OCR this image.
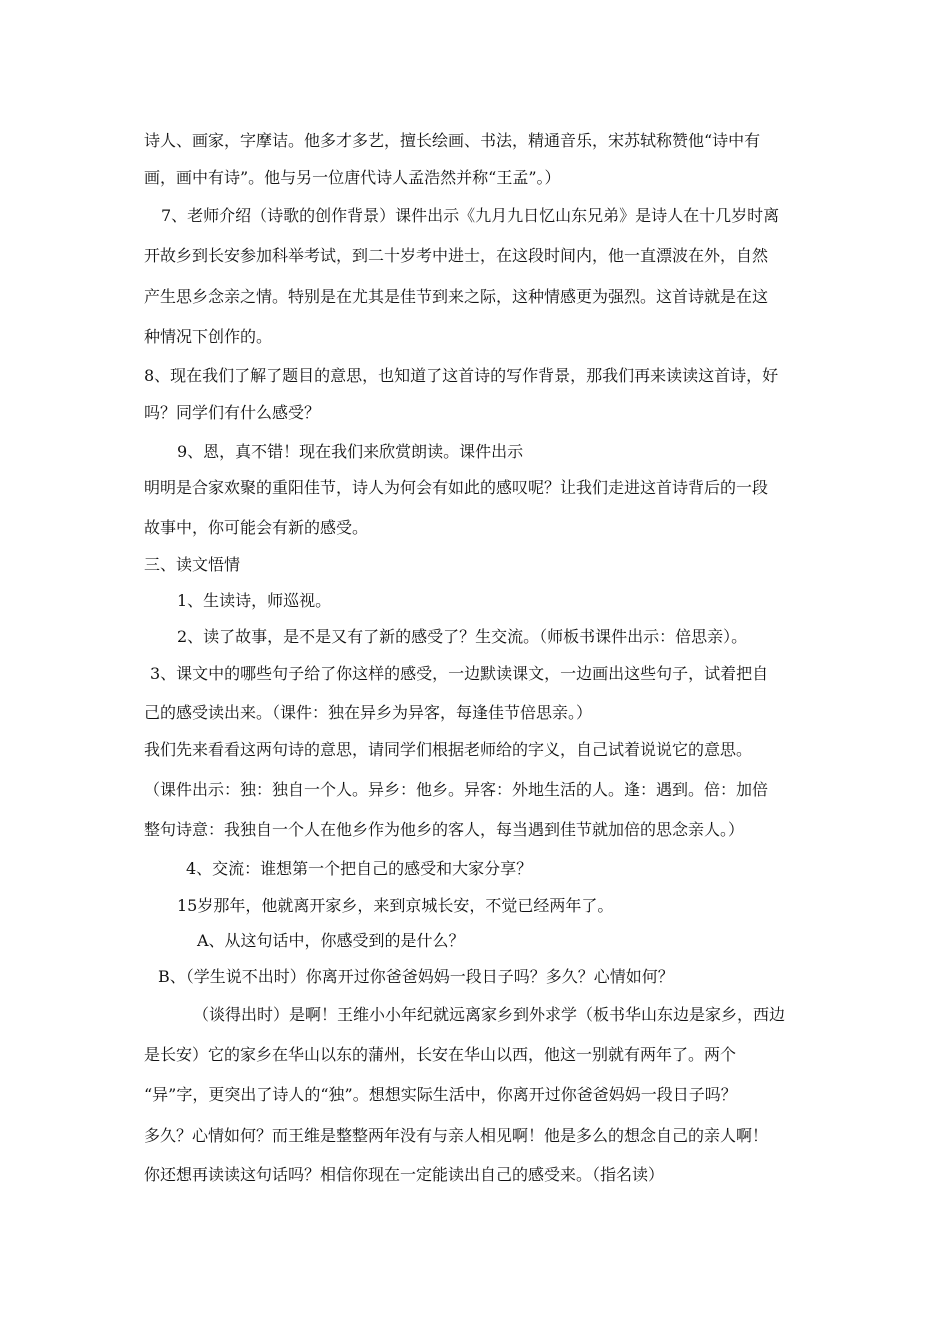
诗人、画家，字摩诘。他多才多艺，擅长绘画、书法，精通音乐，宋苏轼称赞他“诗中有

画，画中有诗”。他与另一位唐代诗人孟浩然并称“王孟”。）

7、老师介绍（诗歌的创作背景）课件出示《九月九日忆山东兄弟》是诗人在十几岁时离

开故乡到长安参加科举考试，到二十岁考中进士，在这段时间内，他一直漂波在外，自然

产生思乡念亲之情。特别是在尤其是佳节到来之际，这种情感更为强烈。这首诗就是在这

种情况下创作的。

8、现在我们了解了题目的意思，也知道了这首诗的写作背景，那我们再来读读这首诗，好

吗？同学们有什么感受？

9、恩，真不错！现在我们来欣赏朗读。课件出示

明明是合家欢聚的重阳佳节，诗人为何会有如此的感叹呢？让我们走进这首诗背后的一段

故事中，你可能会有新的感受。

三、读文悟情

1、生读诗，师巡视。

2、读了故事，是不是又有了新的感受了？生交流。（师板书课件出示：倍思亲）。

3、课文中的哪些句子给了你这样的感受，一边默读课文，一边画出这些句子，试着把自

己的感受读出来。（课件：独在异乡为异客，每逢佳节倍思亲。）

我们先来看看这两句诗的意思，请同学们根据老师给的字义，自己试着说说它的意思。

（课件出示：独：独自一个人。异乡：他乡。异客：外地生活的人。逢：遇到。倍：加倍

整句诗意：我独自一个人在他乡作为他乡的客人，每当遇到佳节就加倍的思念亲人。）

4、交流：谁想第一个把自己的感受和大家分享？

15岁那年，他就离开家乡，来到京城长安，不觉已经两年了。

A、从这句话中，你感受到的是什么？

B、（学生说不出时）你离开过你爸爸妈妈一段日子吗？多久？心情如何？

（谈得出时）是啊！王维小小年纪就远离家乡到外求学（板书华山东边是家乡，西边

是长安）它的家乡在华山以东的蒲州，长安在华山以西，他这一别就有两年了。两个

“异”字，更突出了诗人的“独”。想想实际生活中，你离开过你爸爸妈妈一段日子吗？

多久？心情如何？而王维是整整两年没有与亲人相见啊！他是多么的想念自己的亲人啊！

你还想再读读这句话吗？相信你现在一定能读出自己的感受来。（指名读）
